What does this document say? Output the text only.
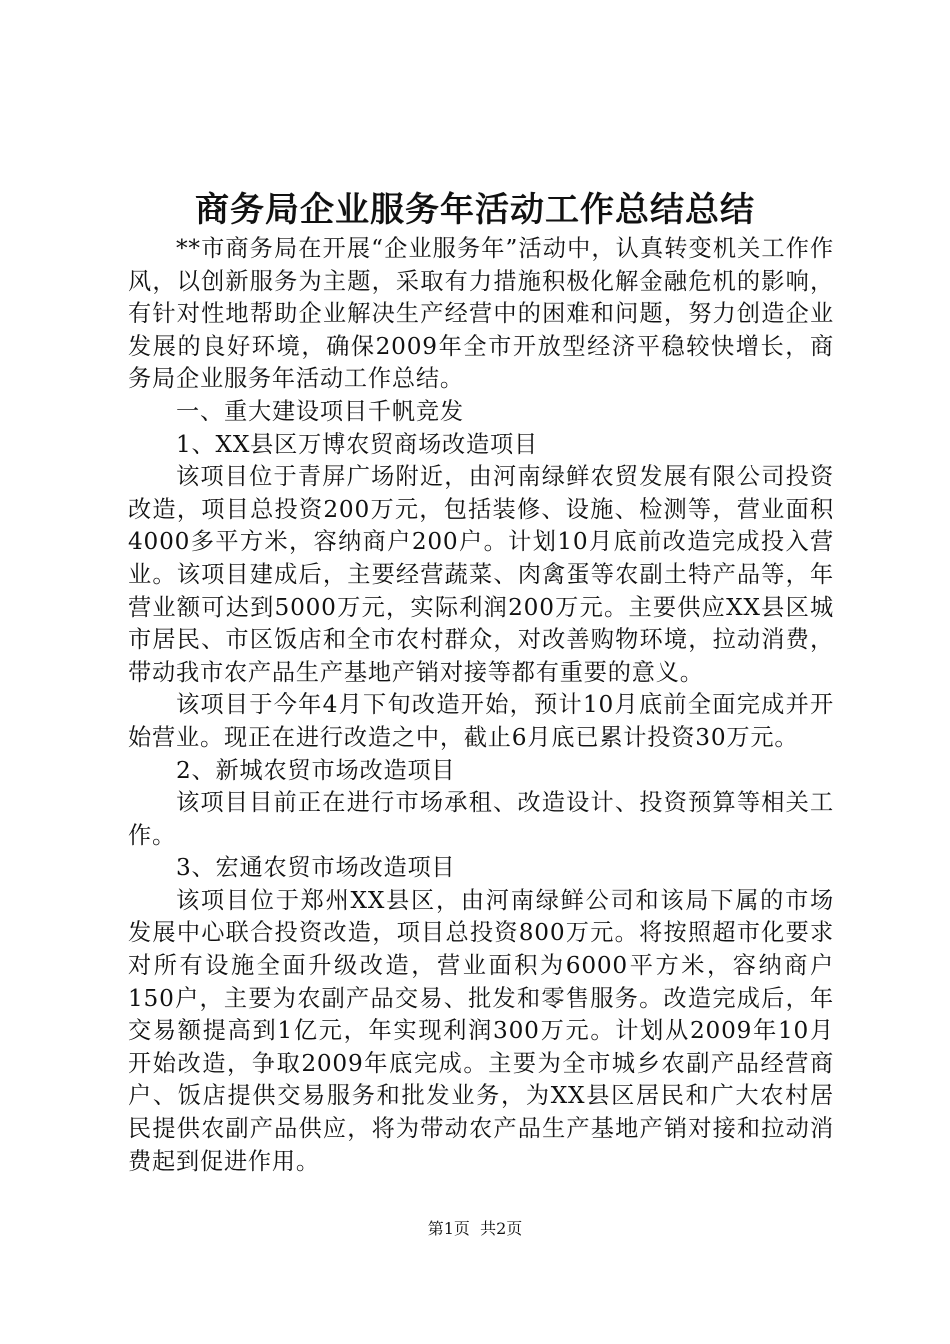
商务局企业服务年活动工作总结总结

**市商务局在开展“企业服务年”活动中，认真转变机关工作作风，以创新服务为主题，采取有力措施积极化解金融危机的影响，有针对性地帮助企业解决生产经营中的困难和问题，努力创造企业发展的良好环境，确保2009年全市开放型经济平稳较快增长，商务局企业服务年活动工作总结。

一、重大建设项目千帆竞发

1、XX县区万博农贸商场改造项目

该项目位于青屏广场附近，由河南绿鲜农贸发展有限公司投资改造，项目总投资200万元，包括装修、设施、检测等，营业面积4000多平方米，容纳商户200户。计划10月底前改造完成投入营业。该项目建成后，主要经营蔬菜、肉禽蛋等农副土特产品等，年营业额可达到5000万元，实际利润200万元。主要供应XX县区城市居民、市区饭店和全市农村群众，对改善购物环境，拉动消费，带动我市农产品生产基地产销对接等都有重要的意义。

该项目于今年4月下旬改造开始，预计10月底前全面完成并开始营业。现正在进行改造之中，截止6月底已累计投资30万元。

2、新城农贸市场改造项目

该项目目前正在进行市场承租、改造设计、投资预算等相关工作。

3、宏通农贸市场改造项目

该项目位于郑州XX县区，由河南绿鲜公司和该局下属的市场发展中心联合投资改造，项目总投资800万元。将按照超市化要求对所有设施全面升级改造，营业面积为6000平方米，容纳商户150户，主要为农副产品交易、批发和零售服务。改造完成后，年交易额提高到1亿元，年实现利润300万元。计划从2009年10月开始改造，争取2009年底完成。主要为全市城乡农副产品经营商户、饭店提供交易服务和批发业务，为XX县区居民和广大农村居民提供农副产品供应，将为带动农产品生产基地产销对接和拉动消费起到促进作用。

第1页 共2页
